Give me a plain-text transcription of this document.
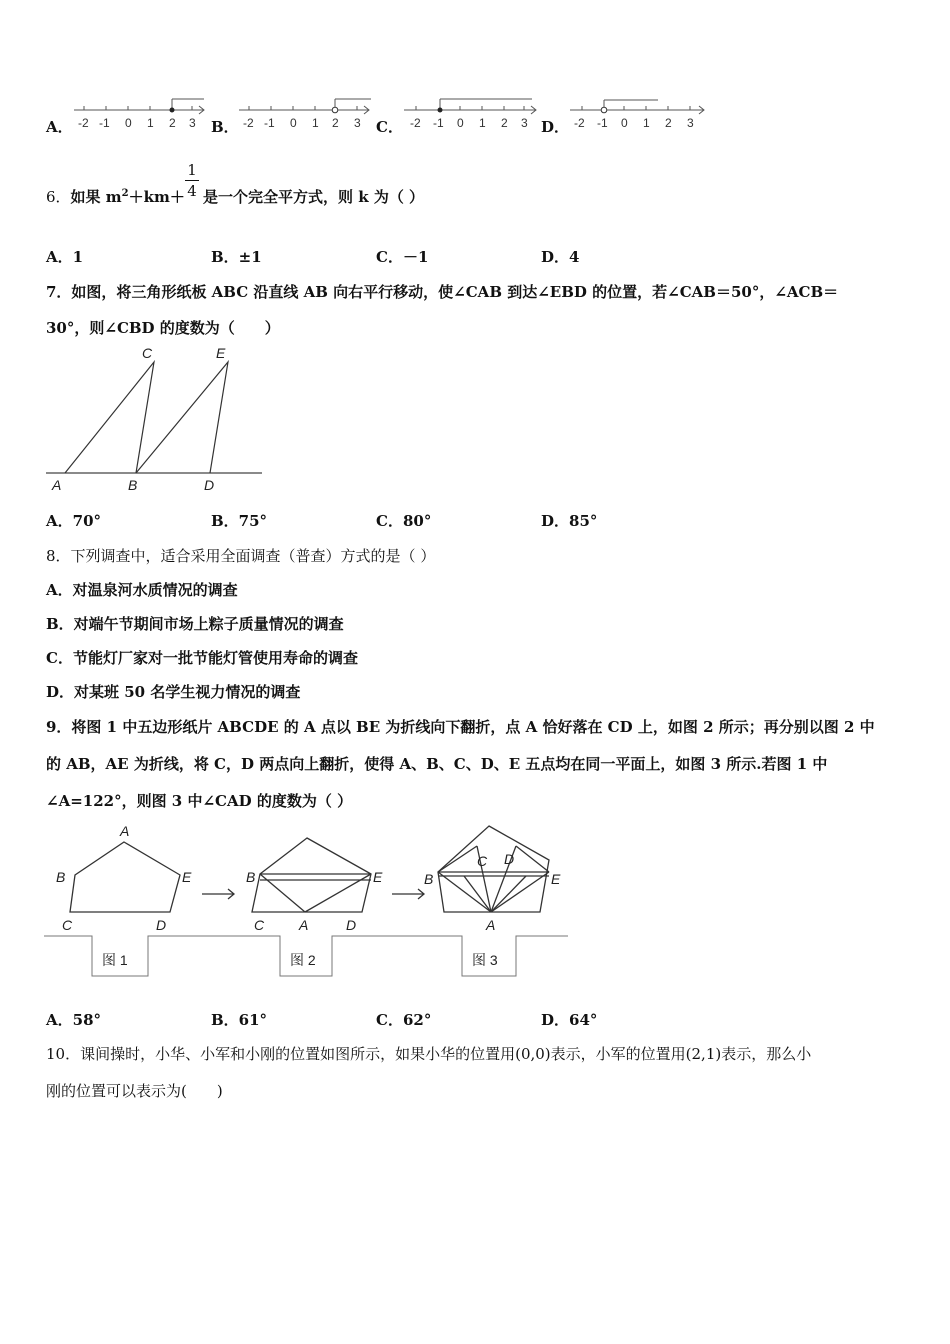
A． -2 -1 0 1 2 3 B． -2 -1 0 1 2 3 C． -2 -1 0 1 2 3 D． -2 -1 0 1 2 3
6．如果 $m^2+km+ \frac{1}{4}$ 是一个完全平方式，则 k 为（ ）
A．1	B．±1	C．－1	D．4
7．如图，将三角形纸板 ABC 沿直线 AB 向右平行移动，使∠CAB 到达∠EBD 的位置，若∠CAB＝50°，∠ACB＝
30°，则∠CBD 的度数为（　　）
C	E
A	B	D
A．70°	B．75°	C．80°	D．85°
8．下列调查中，适合采用全面调查（普查）方式的是（ ）
A．对温泉河水质情况的调查
B．对端午节期间市场上粽子质量情况的调查
C．节能灯厂家对一批节能灯管使用寿命的调查
D．对某班 50 名学生视力情况的调查
9．将图 1 中五边形纸片 ABCDE 的 A 点以 BE 为折线向下翻折，点 A 恰好落在 CD 上，如图 2 所示；再分别以图 2 中
的 AB，AE 为折线，将 C，D 两点向上翻折，使得 A、B、C、D、E 五点均在同一平面上，如图 3 所示.若图 1 中
∠A=122°，则图 3 中∠CAD 的度数为（ ）
A
B
C	D
E	B	E
C A	D
C D
B	E
A
图 1	图 2	图 3
A．58°	B．61°	C．62°	D．64°
10．课间操时，小华、小军和小刚的位置如图所示，如果小华的位置用(0,0)表示，小军的位置用(2,1)表示，那么小
刚的位置可以表示为(　　)
